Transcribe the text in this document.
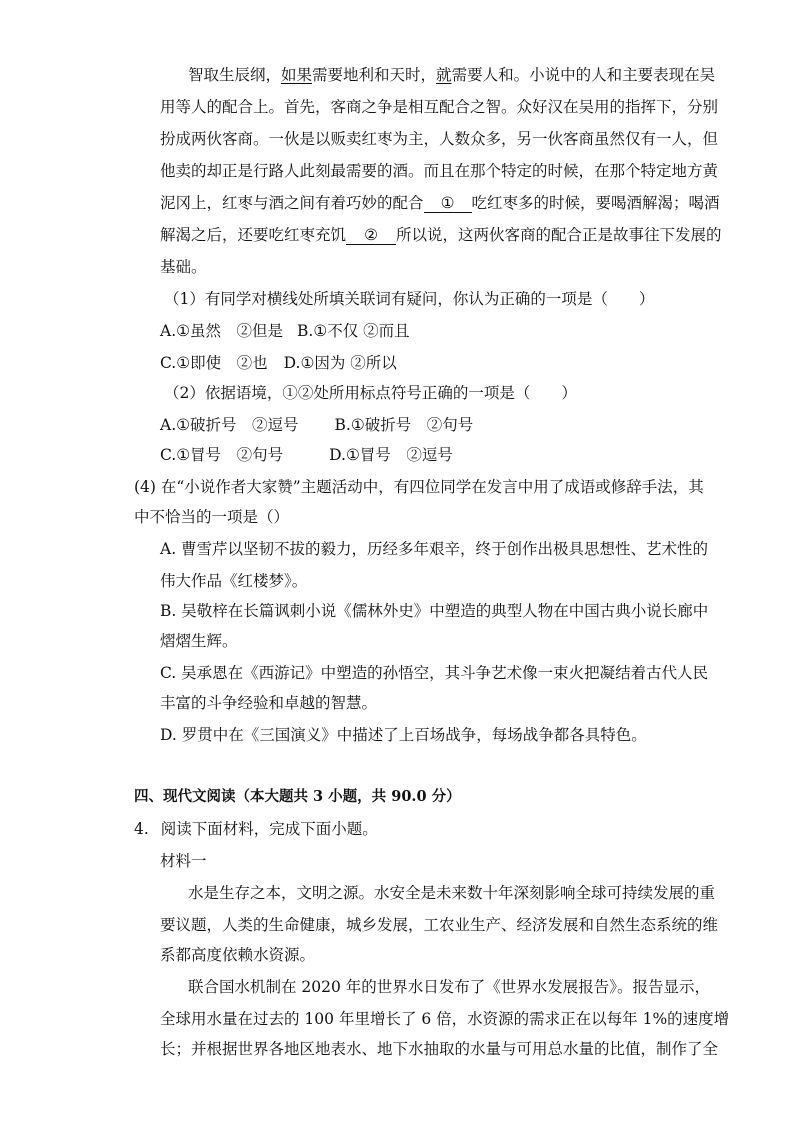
智取生辰纲，如果需要地利和天时，就需要人和。小说中的人和主要表现在吴
用等人的配合上。首先，客商之争是相互配合之智。众好汉在吴用的指挥下，分别
扮成两伙客商。一伙是以贩卖红枣为主，人数众多，另一伙客商虽然仅有一人，但
他卖的却正是行路人此刻最需要的酒。而且在那个特定的时候，在那个特定地方黄
泥冈上，红枣与酒之间有着巧妙的配合 ① 吃红枣多的时候，要喝酒解渴；喝酒
解渴之后，还要吃红枣充饥 ② 所以说，这两伙客商的配合正是故事往下发展的
基础。
（1）有同学对横线处所填关联词有疑问，你认为正确的一项是（　　）
A.①虽然　②但是 B.①不仅 ②而且
C.①即使　②也 D.①因为 ②所以
（2）依据语境，①②处所用标点符号正确的一项是（　　）
A.①破折号　②逗号 B.①破折号　②句号
C.①冒号　②句号	D.①冒号　②逗号
(4) 在“小说作者大家赞”主题活动中，有四位同学在发言中用了成语或修辞手法，其
中不恰当的一项是（）
A. 曹雪芹以坚韧不拔的毅力，历经多年艰辛，终于创作出极具思想性、艺术性的
伟大作品《红楼梦》。
B. 吴敬梓在长篇讽刺小说《儒林外史》中塑造的典型人物在中国古典小说长廊中
熠熠生辉。
C. 吴承恩在《西游记》中塑造的孙悟空，其斗争艺术像一束火把凝结着古代人民
丰富的斗争经验和卓越的智慧。
D. 罗贯中在《三国演义》中描述了上百场战争，每场战争都各具特色。
四、现代文阅读（本大题共 3 小题，共 90.0 分）
4. 阅读下面材料，完成下面小题。
材料一
水是生存之本，文明之源。水安全是未来数十年深刻影响全球可持续发展的重
要议题，人类的生命健康，城乡发展，工农业生产、经济发展和自然生态系统的维
系都高度依赖水资源。
联合国水机制在 2020 年的世界水日发布了《世界水发展报告》。报告显示，
全球用水量在过去的 100 年里增长了 6 倍，水资源的需求正在以每年 1%的速度增
长；并根据世界各地区地表水、地下水抽取的水量与可用总水量的比值，制作了全
